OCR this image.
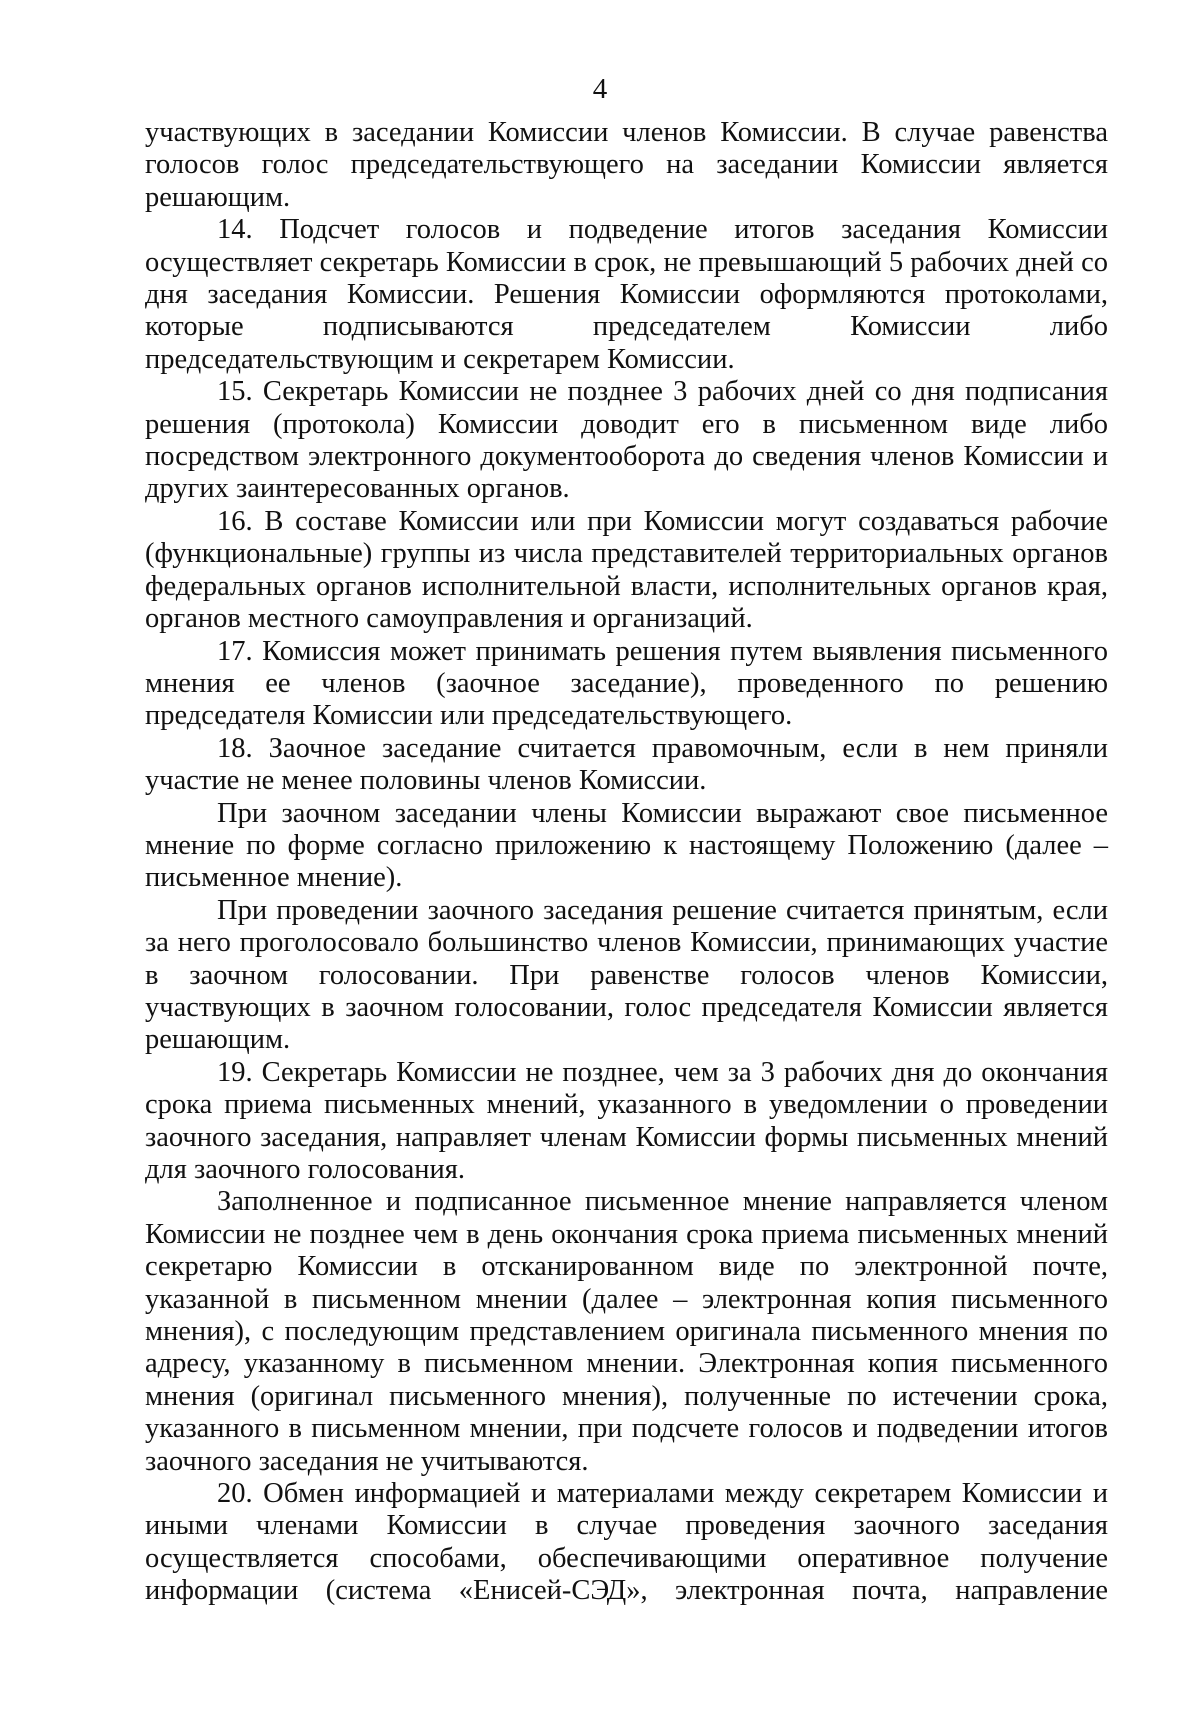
4

участвующих в заседании Комиссии членов Комиссии. В случае равенства голосов голос председательствующего на заседании Комиссии является решающим.

14. Подсчет голосов и подведение итогов заседания Комиссии осуществляет секретарь Комиссии в срок, не превышающий 5 рабочих дней со дня заседания Комиссии. Решения Комиссии оформляются протоколами, которые подписываются председателем Комиссии либо председательствующим и секретарем Комиссии.

15. Секретарь Комиссии не позднее 3 рабочих дней со дня подписания решения (протокола) Комиссии доводит его в письменном виде либо посредством электронного документооборота до сведения членов Комиссии и других заинтересованных органов.

16. В составе Комиссии или при Комиссии могут создаваться рабочие (функциональные) группы из числа представителей территориальных органов федеральных органов исполнительной власти, исполнительных органов края, органов местного самоуправления и организаций.

17. Комиссия может принимать решения путем выявления письменного мнения ее членов (заочное заседание), проведенного по решению председателя Комиссии или председательствующего.

18. Заочное заседание считается правомочным, если в нем приняли участие не менее половины членов Комиссии.

При заочном заседании члены Комиссии выражают свое письменное мнение по форме согласно приложению к настоящему Положению (далее – письменное мнение).

При проведении заочного заседания решение считается принятым, если за него проголосовало большинство членов Комиссии, принимающих участие в заочном голосовании. При равенстве голосов членов Комиссии, участвующих в заочном голосовании, голос председателя Комиссии является решающим.

19. Секретарь Комиссии не позднее, чем за 3 рабочих дня до окончания срока приема письменных мнений, указанного в уведомлении о проведении заочного заседания, направляет членам Комиссии формы письменных мнений для заочного голосования.

Заполненное и подписанное письменное мнение направляется членом Комиссии не позднее чем в день окончания срока приема письменных мнений секретарю Комиссии в отсканированном виде по электронной почте, указанной в письменном мнении (далее – электронная копия письменного мнения), с последующим представлением оригинала письменного мнения по адресу, указанному в письменном мнении. Электронная копия письменного мнения (оригинал письменного мнения), полученные по истечении срока, указанного в письменном мнении, при подсчете голосов и подведении итогов заочного заседания не учитываются.

20. Обмен информацией и материалами между секретарем Комиссии и иными членами Комиссии в случае проведения заочного заседания осуществляется способами, обеспечивающими оперативное получение информации (система «Енисей-СЭД», электронная почта, направление
